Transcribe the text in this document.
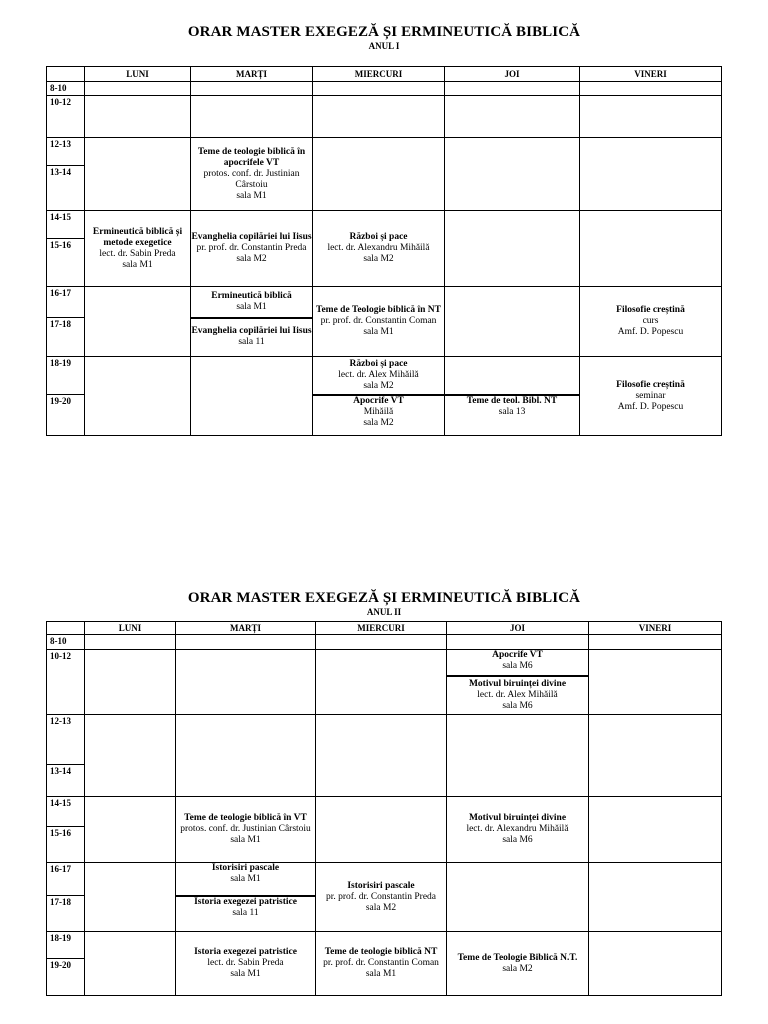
ORAR MASTER EXEGEZĂ ȘI ERMINEUTICĂ BIBLICĂ
ANUL I
	LUNI	MARȚI	MIERCURI	JOI	VINERI
8-10					
10-12					
12-13		Teme de teologie biblică în apocrifele VT
protos. conf. dr. Justinian Cârstoiu
sala M1			

13-14					
14-15	Ermineutică biblică și metode exegetice
lect. dr. Sabin Preda
sala M1	Evanghelia copilăriei lui Iisus
pr. prof. dr. Constantin Preda
sala M2	Război și pace
lect. dr. Alexandru Mihăilă
sala M2		

15-16					
16-17		Ermineutică biblică
sala M1	Teme de Teologie biblică în NT
pr. prof. dr. Constantin Coman
sala M1		Filosofie creștină
curs
Amf. D. Popescu

17-18		Evanghelia copilăriei lui Iisus
sala 11			

18-19			Război și pace
lect. dr. Alex Mihăilă
sala M2		Filosofie creștină
seminar
Amf. D. Popescu

19-20			Apocrife VT
Mihăilă
sala M2	Teme de teol. Bibl. NT
sala 13	
ORAR MASTER EXEGEZĂ ȘI ERMINEUTICĂ BIBLICĂ
ANUL II
	LUNI	MARȚI	MIERCURI	JOI	VINERI
8-10					
10-12				Apocrife VT
sala M6	

				Motivul biruinței divine
lect. dr. Alex Mihăilă
sala M6	

12-13					
13-14					
14-15		Teme de teologie biblică în VT
protos. conf. dr. Justinian Cârstoiu
sala M1		Motivul biruinței divine
lect. dr. Alexandru Mihăilă
sala M6	

15-16					
16-17		Istorisiri pascale
sala M1	Istorisiri pascale
pr. prof. dr. Constantin Preda
sala M2		

17-18		Istoria exegezei patristice
sala 11			

18-19		Istoria exegezei patristice
lect. dr. Sabin Preda
sala M1	Teme de teologie biblică NT
pr. prof. dr. Constantin Coman
sala M1	Teme de Teologie Biblică N.T.
sala M2	

19-20					
